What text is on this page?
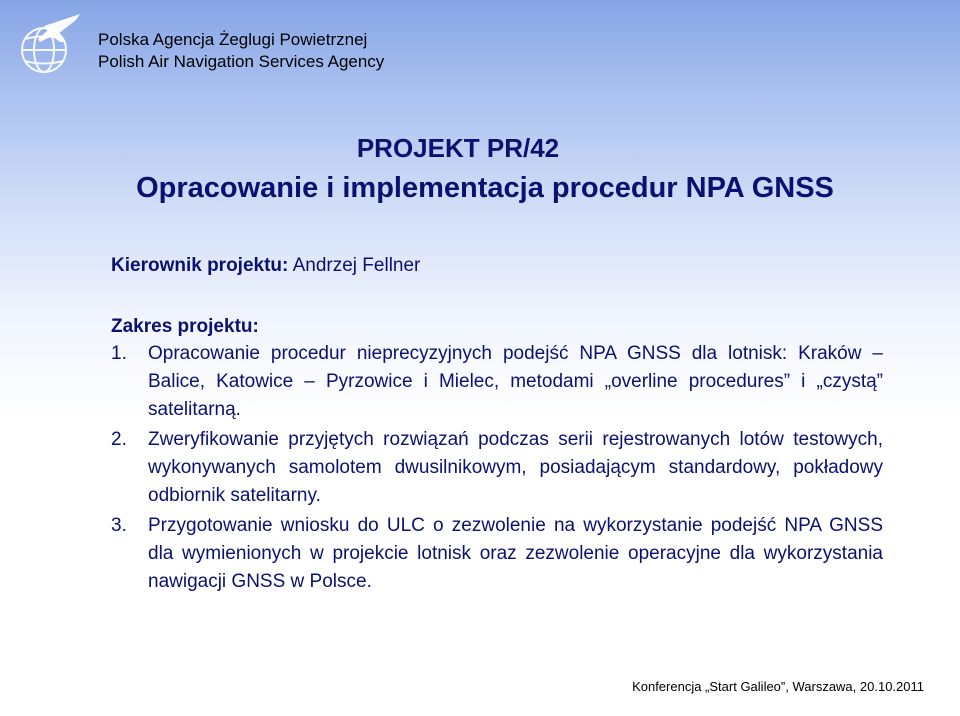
Polska Agencja Żeglugi Powietrznej
Polish Air Navigation Services Agency
PROJEKT PR/42
Opracowanie i implementacja procedur NPA GNSS
Kierownik projektu: Andrzej Fellner
Zakres projektu:
1. Opracowanie procedur nieprecyzyjnych podejść NPA GNSS dla lotnisk: Kraków – Balice, Katowice – Pyrzowice i Mielec, metodami „overline procedures” i „czystą” satelitarną.
2. Zweryfikowanie przyjętych rozwiązań podczas serii rejestrowanych lotów testowych, wykonywanych samolotem dwusilnikowym, posiadającym standardowy, pokładowy odbiornik satelitarny.
3. Przygotowanie wniosku do ULC o zezwolenie na wykorzystanie podejść NPA GNSS dla wymienionych w projekcie lotnisk oraz zezwolenie operacyjne dla wykorzystania nawigacji GNSS w Polsce.
Konferencja „Start Galileo”, Warszawa, 20.10.2011
